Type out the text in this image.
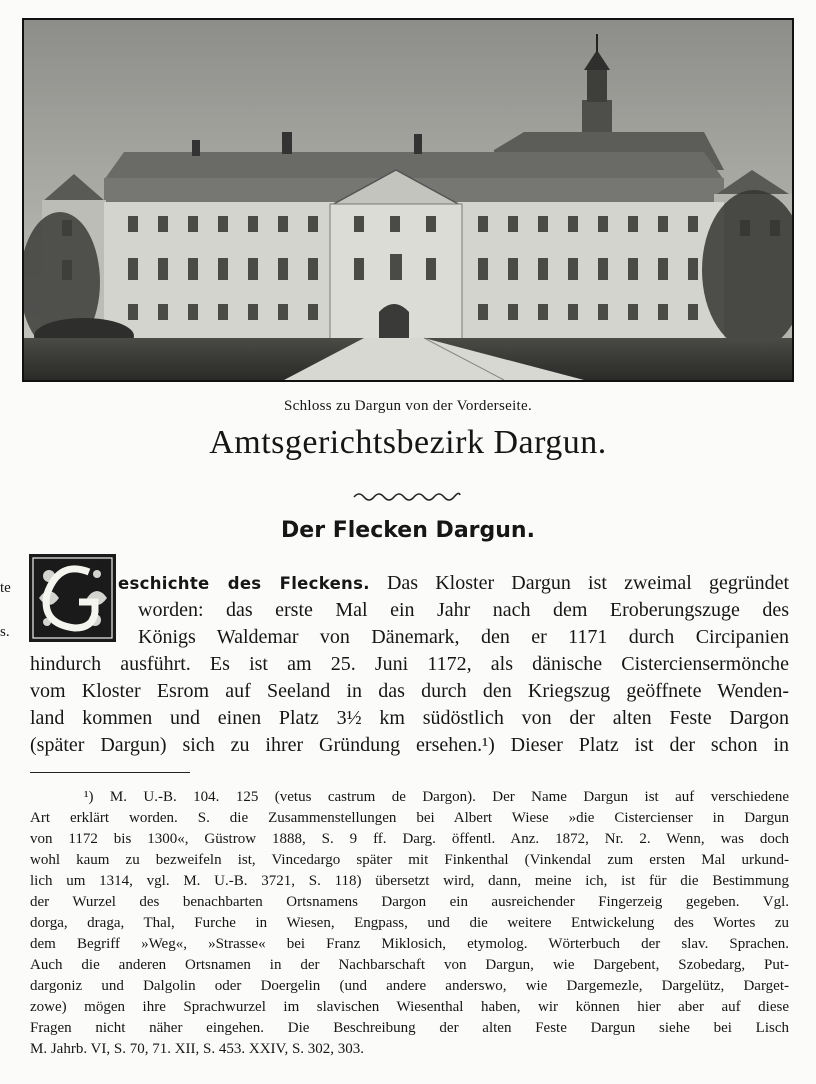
Schloss zu Dargun von der Vorderseite.
Amtsgerichtsbezirk Dargun.
Der Flecken Dargun.
te
s.
G
eschichte des Fleckens. Das Kloster Dargun ist zweimal gegründet
worden: das erste Mal ein Jahr nach dem Eroberungszuge des
Königs Waldemar von Dänemark, den er 1171 durch Circipanien
hindurch ausführt. Es ist am 25. Juni 1172, als dänische Cisterciensermönche
vom Kloster Esrom auf Seeland in das durch den Kriegszug geöffnete Wenden-
land kommen und einen Platz 3½ km südöstlich von der alten Feste Dargon
(später Dargun) sich zu ihrer Gründung ersehen.¹) Dieser Platz ist der schon in
¹) M. U.-B. 104. 125 (vetus castrum de Dargon). Der Name Dargun ist auf verschiedene
Art erklärt worden. S. die Zusammenstellungen bei Albert Wiese »die Cistercienser in Dargun
von 1172 bis 1300«, Güstrow 1888, S. 9 ff. Darg. öffentl. Anz. 1872, Nr. 2. Wenn, was doch
wohl kaum zu bezweifeln ist, Vincedargo später mit Finkenthal (Vinkendal zum ersten Mal urkund-
lich um 1314, vgl. M. U.-B. 3721, S. 118) übersetzt wird, dann, meine ich, ist für die Bestimmung
der Wurzel des benachbarten Ortsnamens Dargon ein ausreichender Fingerzeig gegeben. Vgl.
dorga, draga, Thal, Furche in Wiesen, Engpass, und die weitere Entwickelung des Wortes zu
dem Begriff »Weg«, »Strasse« bei Franz Miklosich, etymolog. Wörterbuch der slav. Sprachen.
Auch die anderen Ortsnamen in der Nachbarschaft von Dargun, wie Dargebent, Szobedarg, Put-
dargoniz und Dalgolin oder Doergelin (und andere anderswo, wie Dargemezle, Dargelütz, Darget-
zowe) mögen ihre Sprachwurzel im slavischen Wiesenthal haben, wir können hier aber auf diese
Fragen nicht näher eingehen. Die Beschreibung der alten Feste Dargun siehe bei Lisch
M. Jahrb. VI, S. 70, 71. XII, S. 453. XXIV, S. 302, 303.
